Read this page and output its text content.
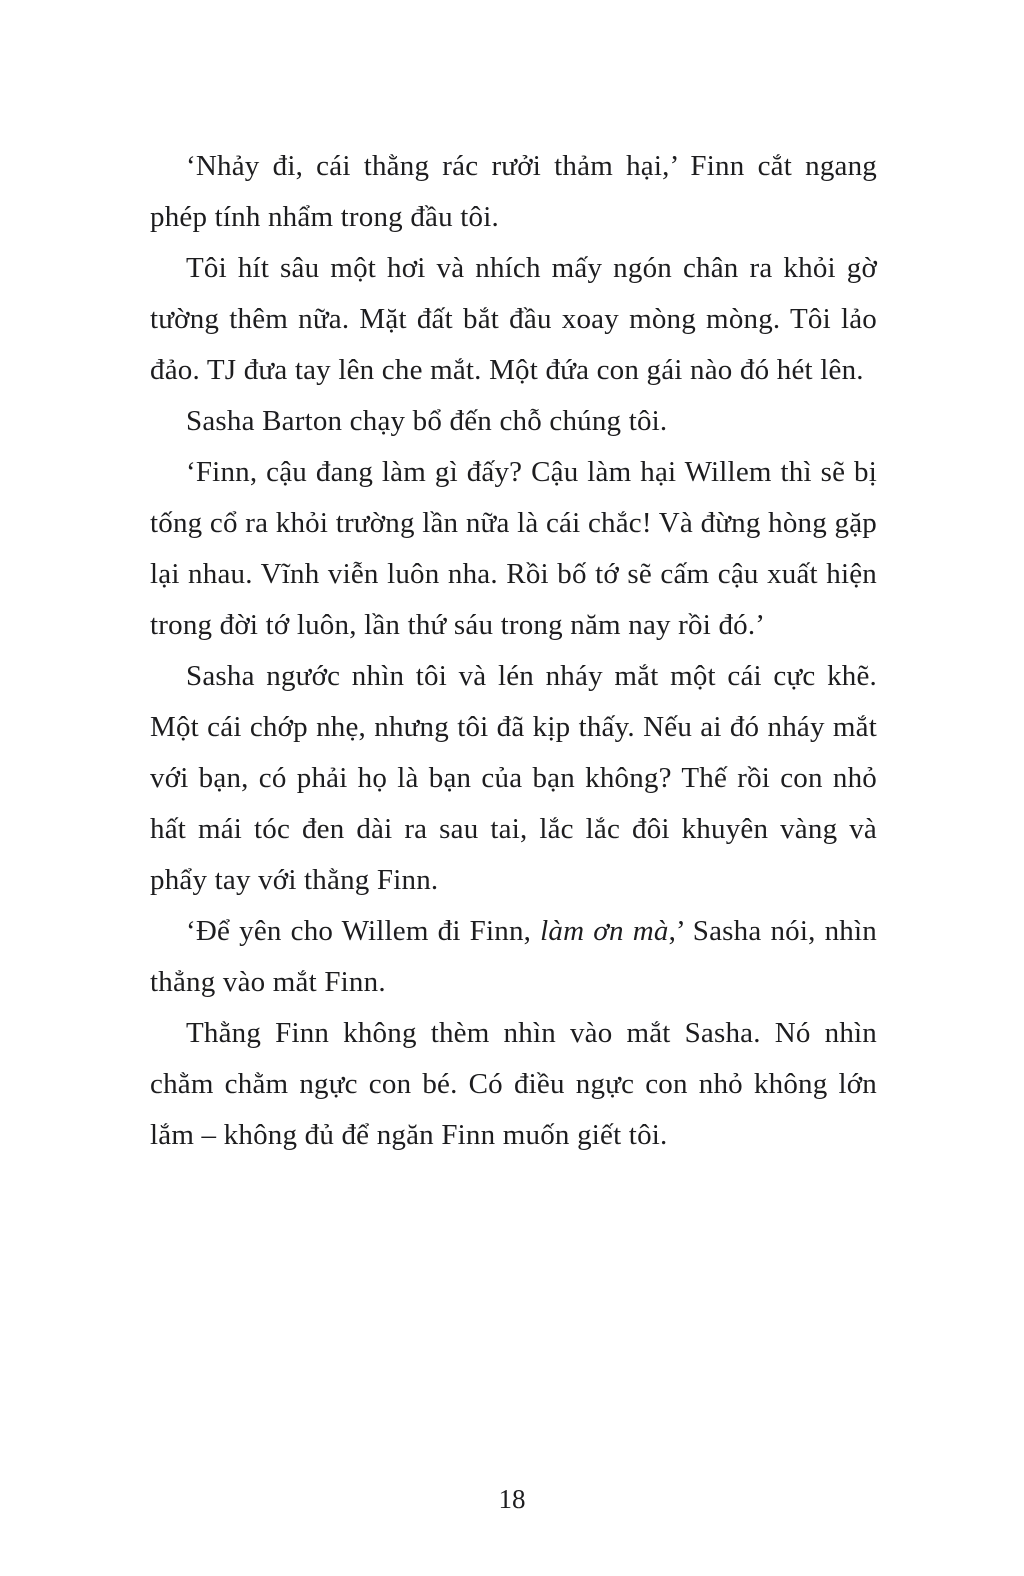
‘Nhảy đi, cái thằng rác rưởi thảm hại,’ Finn cắt ngang phép tính nhẩm trong đầu tôi.

Tôi hít sâu một hơi và nhích mấy ngón chân ra khỏi gờ tường thêm nữa. Mặt đất bắt đầu xoay mòng mòng. Tôi lảo đảo. TJ đưa tay lên che mắt. Một đứa con gái nào đó hét lên.

Sasha Barton chạy bổ đến chỗ chúng tôi.

‘Finn, cậu đang làm gì đấy? Cậu làm hại Willem thì sẽ bị tống cổ ra khỏi trường lần nữa là cái chắc! Và đừng hòng gặp lại nhau. Vĩnh viễn luôn nha. Rồi bố tớ sẽ cấm cậu xuất hiện trong đời tớ luôn, lần thứ sáu trong năm nay rồi đó.’

Sasha ngước nhìn tôi và lén nháy mắt một cái cực khẽ. Một cái chớp nhẹ, nhưng tôi đã kịp thấy. Nếu ai đó nháy mắt với bạn, có phải họ là bạn của bạn không? Thế rồi con nhỏ hất mái tóc đen dài ra sau tai, lắc lắc đôi khuyên vàng và phẩy tay với thằng Finn.

‘Để yên cho Willem đi Finn, làm ơn mà,’ Sasha nói, nhìn thẳng vào mắt Finn.

Thằng Finn không thèm nhìn vào mắt Sasha. Nó nhìn chằm chằm ngực con bé. Có điều ngực con nhỏ không lớn lắm – không đủ để ngăn Finn muốn giết tôi.

18
